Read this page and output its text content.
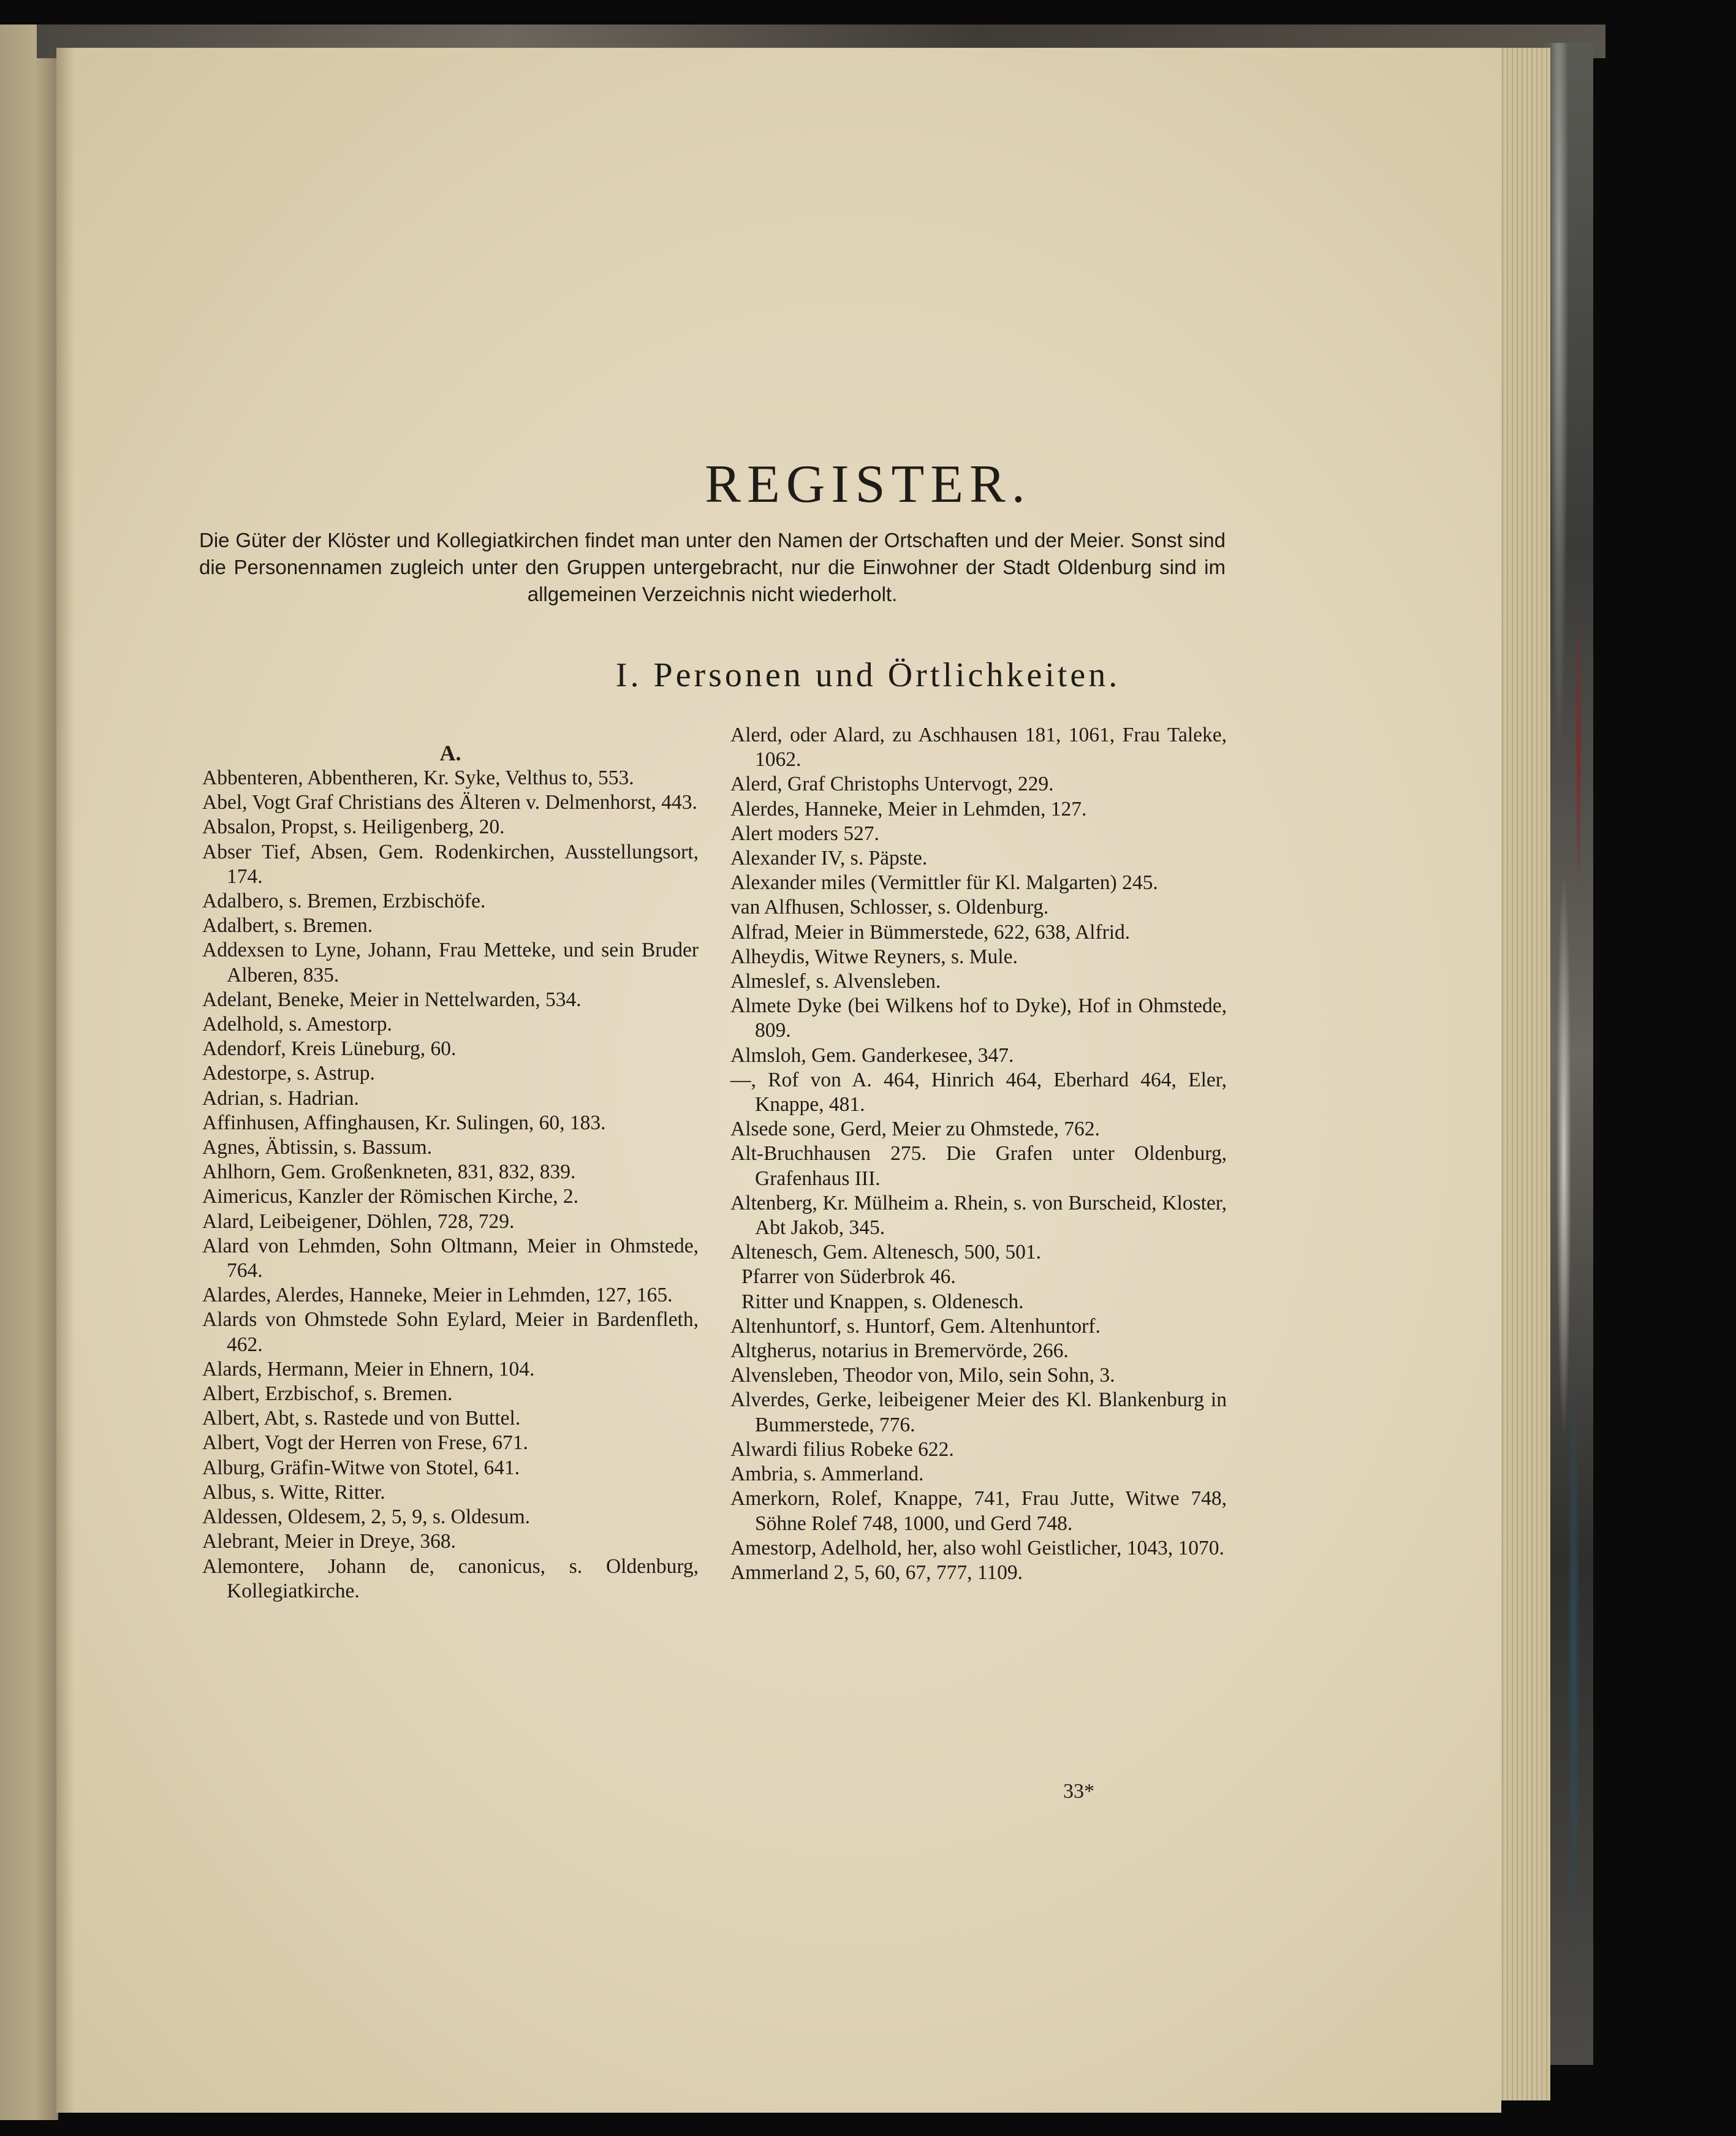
REGISTER.
Die Güter der Klöster und Kollegiatkirchen findet man unter den Namen der Ortschaften und der Meier. Sonst sind die Personennamen zugleich unter den Gruppen untergebracht, nur die Einwohner der Stadt Oldenburg sind im allgemeinen Verzeichnis nicht wiederholt.
I. Personen und Örtlichkeiten.
A.
Abbenteren, Abbentheren, Kr. Syke, Velthus to, 553.
Abel, Vogt Graf Christians des Älteren v. Delmenhorst, 443.
Absalon, Propst, s. Heiligenberg, 20.
Abser Tief, Absen, Gem. Rodenkirchen, Ausstellungsort, 174.
Adalbero, s. Bremen, Erzbischöfe.
Adalbert, s. Bremen.
Addexsen to Lyne, Johann, Frau Metteke, und sein Bruder Alberen, 835.
Adelant, Beneke, Meier in Nettelwarden, 534.
Adelhold, s. Amestorp.
Adendorf, Kreis Lüneburg, 60.
Adestorpe, s. Astrup.
Adrian, s. Hadrian.
Affinhusen, Affinghausen, Kr. Sulingen, 60, 183.
Agnes, Äbtissin, s. Bassum.
Ahlhorn, Gem. Großenkneten, 831, 832, 839.
Aimericus, Kanzler der Römischen Kirche, 2.
Alard, Leibeigener, Döhlen, 728, 729.
Alard von Lehmden, Sohn Oltmann, Meier in Ohmstede, 764.
Alardes, Alerdes, Hanneke, Meier in Lehmden, 127, 165.
Alards von Ohmstede Sohn Eylard, Meier in Bardenfleth, 462.
Alards, Hermann, Meier in Ehnern, 104.
Albert, Erzbischof, s. Bremen.
Albert, Abt, s. Rastede und von Buttel.
Albert, Vogt der Herren von Frese, 671.
Alburg, Gräfin-Witwe von Stotel, 641.
Albus, s. Witte, Ritter.
Aldessen, Oldesem, 2, 5, 9, s. Oldesum.
Alebrant, Meier in Dreye, 368.
Alemontere, Johann de, canonicus, s. Oldenburg, Kollegiatkirche.
Alerd, oder Alard, zu Aschhausen 181, 1061, Frau Taleke, 1062.
Alerd, Graf Christophs Untervogt, 229.
Alerdes, Hanneke, Meier in Lehmden, 127.
Alert moders 527.
Alexander IV, s. Päpste.
Alexander miles (Vermittler für Kl. Malgarten) 245.
van Alfhusen, Schlosser, s. Oldenburg.
Alfrad, Meier in Bümmerstede, 622, 638, Alfrid.
Alheydis, Witwe Reyners, s. Mule.
Almeslef, s. Alvensleben.
Almete Dyke (bei Wilkens hof to Dyke), Hof in Ohmstede, 809.
Almsloh, Gem. Ganderkesee, 347.
—, Rof von A. 464, Hinrich 464, Eberhard 464, Eler, Knappe, 481.
Alsede sone, Gerd, Meier zu Ohmstede, 762.
Alt-Bruchhausen 275. Die Grafen unter Oldenburg, Grafenhaus III.
Altenberg, Kr. Mülheim a. Rhein, s. von Burscheid, Kloster, Abt Jakob, 345.
Altenesch, Gem. Altenesch, 500, 501.
Pfarrer von Süderbrok 46.
Ritter und Knappen, s. Oldenesch.
Altenhuntorf, s. Huntorf, Gem. Altenhuntorf.
Altgherus, notarius in Bremervörde, 266.
Alvensleben, Theodor von, Milo, sein Sohn, 3.
Alverdes, Gerke, leibeigener Meier des Kl. Blankenburg in Bummerstede, 776.
Alwardi filius Robeke 622.
Ambria, s. Ammerland.
Amerkorn, Rolef, Knappe, 741, Frau Jutte, Witwe 748, Söhne Rolef 748, 1000, und Gerd 748.
Amestorp, Adelhold, her, also wohl Geistlicher, 1043, 1070.
Ammerland 2, 5, 60, 67, 777, 1109.
33*
